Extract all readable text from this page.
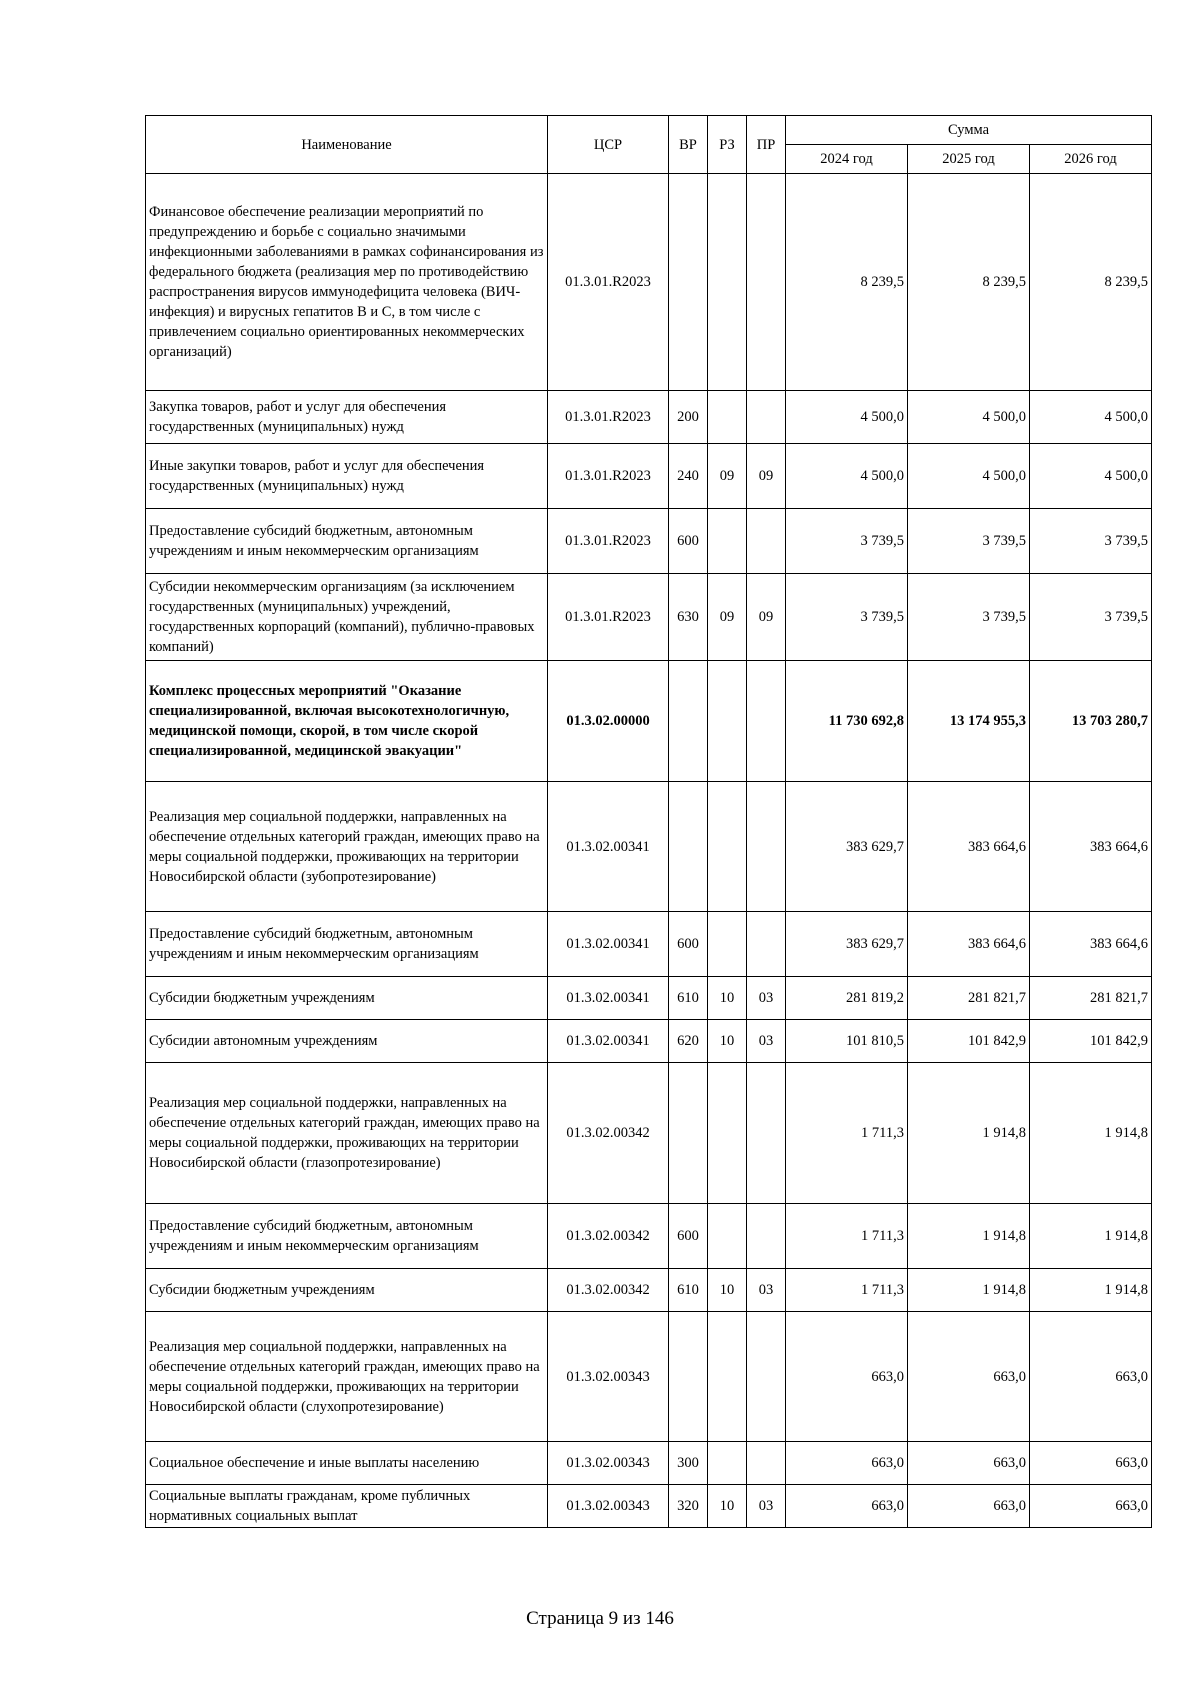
Наименование	ЦСР	ВР	РЗ	ПР	Сумма		
					2024 год	2025 год	2026 год
Финансовое обеспечение реализации мероприятий по предупреждению и борьбе с социально значимыми инфекционными заболеваниями в рамках софинансирования из федерального бюджета (реализация мер по противодействию распространения вирусов иммунодефицита человека (ВИЧ-инфекция) и вирусных гепатитов В и С, в том числе с привлечением социально ориентированных некоммерческих организаций)	01.3.01.R2023				8 239,5	8 239,5	8 239,5
Закупка товаров, работ и услуг для обеспечения государственных (муниципальных) нужд	01.3.01.R2023	200			4 500,0	4 500,0	4 500,0
Иные закупки товаров, работ и услуг для обеспечения государственных (муниципальных) нужд	01.3.01.R2023	240	09	09	4 500,0	4 500,0	4 500,0
Предоставление субсидий бюджетным, автономным учреждениям и иным некоммерческим организациям	01.3.01.R2023	600			3 739,5	3 739,5	3 739,5
Субсидии некоммерческим организациям (за исключением государственных (муниципальных) учреждений, государственных корпораций (компаний), публично-правовых компаний)	01.3.01.R2023	630	09	09	3 739,5	3 739,5	3 739,5
Комплекс процессных мероприятий "Оказание специализированной, включая высокотехнологичную, медицинской помощи, скорой, в том числе скорой специализированной, медицинской эвакуации"	01.3.02.00000				11 730 692,8	13 174 955,3	13 703 280,7
Реализация мер социальной поддержки, направленных на обеспечение отдельных категорий граждан, имеющих право на меры социальной поддержки, проживающих на территории Новосибирской области (зубопротезирование)	01.3.02.00341				383 629,7	383 664,6	383 664,6
Предоставление субсидий бюджетным, автономным учреждениям и иным некоммерческим организациям	01.3.02.00341	600			383 629,7	383 664,6	383 664,6
Субсидии бюджетным учреждениям	01.3.02.00341	610	10	03	281 819,2	281 821,7	281 821,7
Субсидии автономным учреждениям	01.3.02.00341	620	10	03	101 810,5	101 842,9	101 842,9
Реализация мер социальной поддержки, направленных на обеспечение отдельных категорий граждан, имеющих право на меры социальной поддержки, проживающих на территории Новосибирской области (глазопротезирование)	01.3.02.00342				1 711,3	1 914,8	1 914,8
Предоставление субсидий бюджетным, автономным учреждениям и иным некоммерческим организациям	01.3.02.00342	600			1 711,3	1 914,8	1 914,8
Субсидии бюджетным учреждениям	01.3.02.00342	610	10	03	1 711,3	1 914,8	1 914,8
Реализация мер социальной поддержки, направленных на обеспечение отдельных категорий граждан, имеющих право на меры социальной поддержки, проживающих на территории Новосибирской области (слухопротезирование)	01.3.02.00343				663,0	663,0	663,0
Социальное обеспечение и иные выплаты населению	01.3.02.00343	300			663,0	663,0	663,0
Социальные выплаты гражданам, кроме публичных нормативных социальных выплат	01.3.02.00343	320	10	03	663,0	663,0	663,0
Страница 9 из 146
